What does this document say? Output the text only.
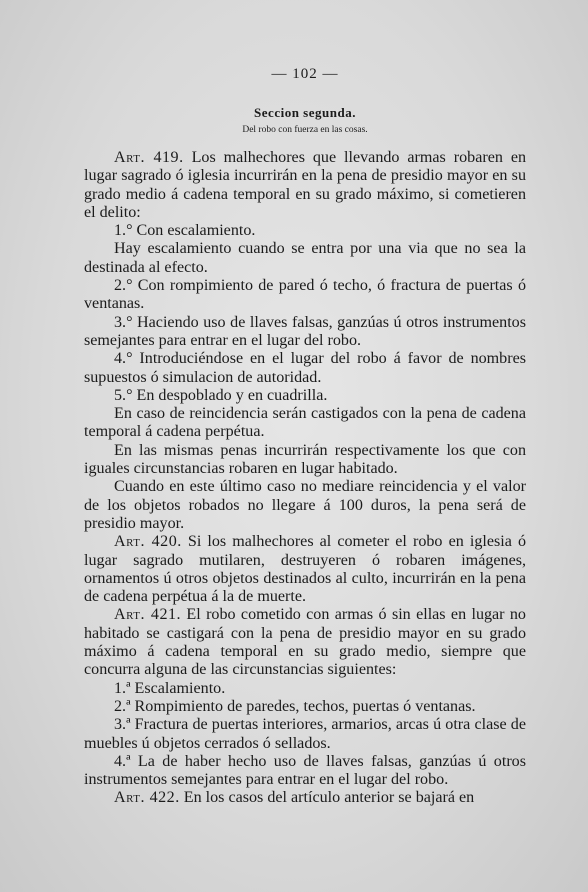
— 102 —
Seccion segunda.
Del robo con fuerza en las cosas.

Art. 419. Los malhechores que llevando armas robaren en lugar sagrado ó iglesia incurrirán en la pena de presidio mayor en su grado medio á cadena temporal en su grado máximo, si cometieren el delito:

1.° Con escalamiento.

Hay escalamiento cuando se entra por una via que no sea la destinada al efecto.

2.° Con rompimiento de pared ó techo, ó fractura de puertas ó ventanas.

3.° Haciendo uso de llaves falsas, ganzúas ú otros instrumentos semejantes para entrar en el lugar del robo.

4.° Introduciéndose en el lugar del robo á favor de nombres supuestos ó simulacion de autoridad.

5.° En despoblado y en cuadrilla.

En caso de reincidencia serán castigados con la pena de cadena temporal á cadena perpétua.

En las mismas penas incurrirán respectivamente los que con iguales circunstancias robaren en lugar habitado.

Cuando en este último caso no mediare reincidencia y el valor de los objetos robados no llegare á 100 duros, la pena será de presidio mayor.

Art. 420. Si los malhechores al cometer el robo en iglesia ó lugar sagrado mutilaren, destruyeren ó robaren imágenes, ornamentos ú otros objetos destinados al culto, incurrirán en la pena de cadena perpétua á la de muerte.

Art. 421. El robo cometido con armas ó sin ellas en lugar no habitado se castigará con la pena de presidio mayor en su grado máximo á cadena temporal en su grado medio, siempre que concurra alguna de las circunstancias siguientes:

1.ª Escalamiento.

2.ª Rompimiento de paredes, techos, puertas ó ventanas.

3.ª Fractura de puertas interiores, armarios, arcas ú otra clase de muebles ú objetos cerrados ó sellados.

4.ª La de haber hecho uso de llaves falsas, ganzúas ú otros instrumentos semejantes para entrar en el lugar del robo.

Art. 422. En los casos del artículo anterior se bajará en
